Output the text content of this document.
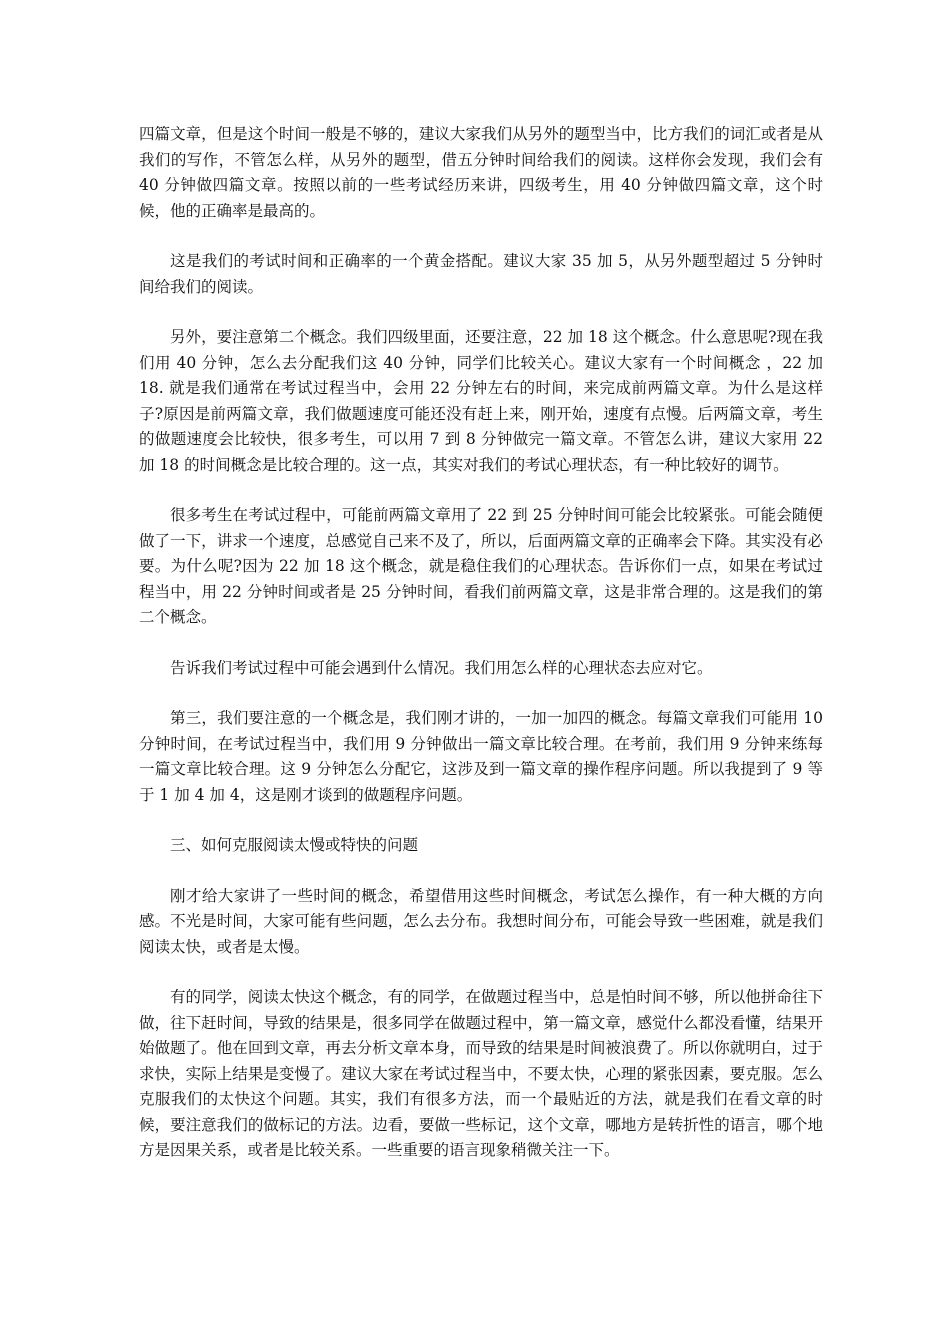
四篇文章，但是这个时间一般是不够的，建议大家我们从另外的题型当中，比方我们的词汇或者是从我们的写作，不管怎么样，从另外的题型，借五分钟时间给我们的阅读。这样你会发现，我们会有 40 分钟做四篇文章。按照以前的一些考试经历来讲，四级考生，用 40 分钟做四篇文章，这个时候，他的正确率是最高的。

这是我们的考试时间和正确率的一个黄金搭配。建议大家 35 加 5，从另外题型超过 5 分钟时间给我们的阅读。

另外，要注意第二个概念。我们四级里面，还要注意，22 加 18 这个概念。什么意思呢?现在我们用 40 分钟，怎么去分配我们这 40 分钟，同学们比较关心。建议大家有一个时间概念 ，22 加 18. 就是我们通常在考试过程当中，会用 22 分钟左右的时间，来完成前两篇文章。为什么是这样子?原因是前两篇文章，我们做题速度可能还没有赶上来，刚开始，速度有点慢。后两篇文章，考生的做题速度会比较快，很多考生，可以用 7 到 8 分钟做完一篇文章。不管怎么讲，建议大家用 22 加 18 的时间概念是比较合理的。这一点，其实对我们的考试心理状态，有一种比较好的调节。

很多考生在考试过程中，可能前两篇文章用了 22 到 25 分钟时间可能会比较紧张。可能会随便做了一下，讲求一个速度，总感觉自己来不及了，所以，后面两篇文章的正确率会下降。其实没有必要。为什么呢?因为 22 加 18 这个概念，就是稳住我们的心理状态。告诉你们一点，如果在考试过程当中，用 22 分钟时间或者是 25 分钟时间，看我们前两篇文章，这是非常合理的。这是我们的第二个概念。

告诉我们考试过程中可能会遇到什么情况。我们用怎么样的心理状态去应对它。

第三，我们要注意的一个概念是，我们刚才讲的，一加一加四的概念。每篇文章我们可能用 10 分钟时间，在考试过程当中，我们用 9 分钟做出一篇文章比较合理。在考前，我们用 9 分钟来练每一篇文章比较合理。这 9 分钟怎么分配它，这涉及到一篇文章的操作程序问题。所以我提到了 9 等于 1 加 4 加 4，这是刚才谈到的做题程序问题。

三、如何克服阅读太慢或特快的问题

刚才给大家讲了一些时间的概念，希望借用这些时间概念，考试怎么操作，有一种大概的方向感。不光是时间，大家可能有些问题，怎么去分布。我想时间分布，可能会导致一些困难，就是我们阅读太快，或者是太慢。

有的同学，阅读太快这个概念，有的同学，在做题过程当中，总是怕时间不够，所以他拼命往下做，往下赶时间，导致的结果是，很多同学在做题过程中，第一篇文章，感觉什么都没看懂，结果开始做题了。他在回到文章，再去分析文章本身，而导致的结果是时间被浪费了。所以你就明白，过于求快，实际上结果是变慢了。建议大家在考试过程当中，不要太快，心理的紧张因素，要克服。怎么克服我们的太快这个问题。其实，我们有很多方法，而一个最贴近的方法，就是我们在看文章的时候，要注意我们的做标记的方法。边看，要做一些标记，这个文章，哪地方是转折性的语言，哪个地方是因果关系，或者是比较关系。一些重要的语言现象稍微关注一下。
